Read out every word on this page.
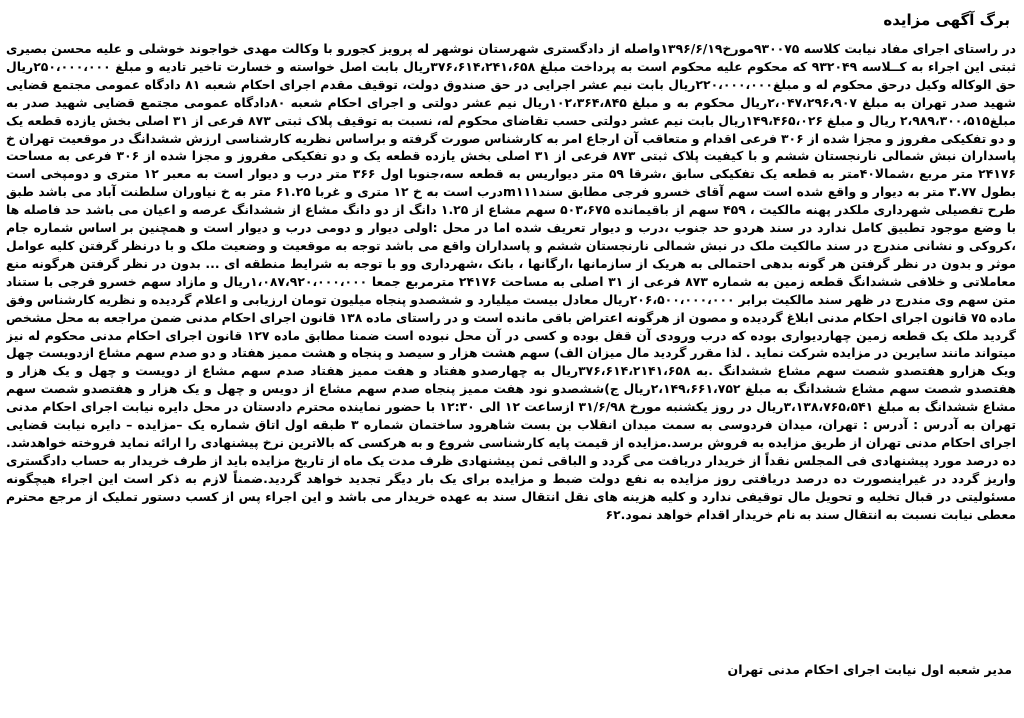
برگ آگهی مزایده
در راستای اجرای مفاد نیابت کلاسه ۹۳۰۰۷۵مورخ۱۳۹۶/۶/۱۹واصله از دادگستری شهرستان نوشهر له پرویز کجورو با وکالت مهدی خواجوند خوشلی و علیه محسن بصیری ثبتی این اجراء به کــلاسه ۹۳۲۰۴۹ که محکوم علیه محکوم است به پرداخت مبلغ ۳۷۶،۶۱۴،۲۴۱،۶۵۸ریال بابت اصل خواسته و خسارت تاخیر تادیه و مبلغ ۲۵۰،۰۰۰،۰۰۰ریال حق الوکاله وکیل درحق محکوم له و مبلغ۲۲۰،۰۰۰،۰۰۰ریال بابت نیم عشر اجرایی در حق صندوق دولت، توقیف مقدم اجرای احکام شعبه ۸۱ دادگاه عمومی مجتمع قضایی شهید صدر تهران به مبلغ ۲،۰۴۷،۲۹۶،۹۰۷ریال محکوم به و مبلغ ۱۰۲،۳۶۴،۸۴۵ریال نیم عشر دولتی و اجرای احکام شعبه ۸۰دادگاه عمومی مجتمع قضایی شهید صدر به مبلغ۲،۹۸۹،۳۰۰،۵۱۵ ریال و مبلغ ۱۴۹،۴۶۵،۰۲۶ریال بابت نیم عشر دولتی حسب تقاضای محکوم له، نسبت به توقیف پلاک ثبتی ۸۷۳ فرعی از ۳۱ اصلی بخش یازده قطعه یک و دو تفکیکی مفروز و مجزا شده از ۳۰۶ فرعی اقدام و متعاقب آن ارجاع امر به کارشناس صورت گرفته و براساس نظریه کارشناسی ارزش ششدانگ در موقعیت تهران خ پاسداران نبش شمالی نارنجستان ششم و با کیفیت پلاک ثبتی ۸۷۳ فرعی از ۳۱ اصلی بخش یازده قطعه یک و دو تفکیکی مفروز و مجزا شده از ۳۰۶ فرعی به مساحت ۲۴۱۷۶ متر مربع ،شمالا۴۰متر به قطعه یک تفکیکی سابق ،شرقا ۵۹ متر دیواریس به قطعه سه،جنوبا اول ۳۶۶ متر درب و دیوار است به معبر ۱۲ متری و دومپخی است بطول ۳.۷۷ متر به دیوار و واقع شده است سهم آقای خسرو فرجی مطابق سندm۱۱۱درب است به خ ۱۲ متری و غربا ۶۱.۲۵ متر به خ نیاوران سلطنت آباد می باشد طبق طرح تفصیلی شهرداری ملکدر پهنه مالکیت ، ۴۵۹ سهم از باقیمانده ۵۰۳،۶۷۵ سهم مشاع از ۱.۲۵ دانگ از دو دانگ مشاع از ششدانگ عرصه و اعیان می باشد حد فاصله ها با وضع موجود تطبیق کامل ندارد در سند هردو حد جنوب ،درب و دیوار تعریف شده اما در محل :اولی دیوار و دومی درب و دیوار است و همچنین بر اساس شماره جام ،کروکی و نشانی مندرج در سند مالکیت ملک در نبش شمالی نارنجستان ششم و پاسداران واقع می باشد توجه به موقعیت و وضعیت ملک و با درنظر گرفتن کلیه عوامل موثر و بدون در نظر گرفتن هر گونه بدهی احتمالی به هریک از سازمانها ،ارگانها ، بانک ،شهرداری وو با توجه به شرایط منطقه ای ... بدون در نظر گرفتن هرگونه منع معاملاتی و خلافی ششدانگ قطعه زمین به شماره ۸۷۳ فرعی از ۳۱ اصلی به مساحت ۲۴۱۷۶ مترمربع جمعا ۱،۰۸۷،۹۲۰،۰۰۰،۰۰۰ریال و مازاد سهم خسرو فرجی با ستناد متن سهم وی مندرج در ظهر سند مالکیت برابر ۲۰۶،۵۰۰،۰۰۰،۰۰۰ریال معادل بیست میلیارد و ششصدو پنجاه میلیون تومان ارزیابی و اعلام گردیده و نظریه کارشناس وفق ماده ۷۵ قانون اجرای احکام مدنی ابلاغ گردیده و مصون از هرگونه اعتراض باقی مانده است و در راستای ماده ۱۳۸ قانون اجرای احکام مدنی ضمن مراجعه به محل مشخص گردید ملک یک قطعه زمین چهاردیواری بوده که درب ورودی آن قفل بوده و کسی در آن محل نبوده است ضمنا مطابق ماده ۱۲۷ قانون اجرای احکام مدنی محکوم له نیز میتواند مانند سایرین در مزایده شرکت نماید . لذا مقرر گردید مال میزان الف) سهم هشت هزار و سیصد و پنجاه و هشت ممیز هفتاد و دو صدم سهم مشاع ازدویست چهل ویک هزارو هفتصدو شصت سهم مشاع ششدانگ .به ۳۷۶،۶۱۴،۲۱۴۱،۶۵۸ریال به چهارصدو هفتاد و هفت ممیز هفتاد صدم سهم مشاع از دویست و چهل و یک هزار و هفتصدو شصت سهم مشاع ششدانگ به مبلغ ۲،۱۴۹،۶۶۱،۷۵۲ریال ج)ششصدو نود هفت ممیز پنجاه صدم سهم مشاع از دویس و چهل و یک هزار و هفتصدو شصت سهم مشاع ششدانگ به مبلغ ۳،۱۳۸،۷۶۵،۵۴۱ریال در روز یکشنبه مورخ ۳۱/۶/۹۸ ازساعت ۱۲ الی ۱۲:۳۰ با حضور نماینده محترم دادستان در محل دایره نیابت اجرای احکام مدنی تهران به آدرس : آدرس : تهران، میدان فردوسی به سمت میدان انقلاب بن بست شاهرود ساختمان شماره ۳ طبقه اول اتاق شماره یک –مزایده – دایره نیابت قضایی اجرای احکام مدنی تهران از طریق مزایده به فروش برسد.مزایده از قیمت پایه کارشناسی شروع و به هرکسی که بالاترین نرخ پیشنهادی را ارائه نماید فروخته خواهدشد. ده درصد مورد پیشنهادی فی المجلس نقداً از خریدار دریافت می گردد و الباقی ثمن پیشنهادی ظرف مدت یک ماه از تاریخ مزایده باید از طرف خریدار به حساب دادگستری واریز گردد در غیراینصورت ده درصد دریافتی روز مزایده به نفع دولت ضبط و مزایده برای یک بار دیگر تجدید خواهد گردید.ضمناً لازم به ذکر است این اجراء هیچگونه مسئولیتی در قبال تخلیه و تحویل مال توقیفی ندارد و کلیه هزینه های نقل انتقال سند به عهده خریدار می باشد و این اجراء پس از کسب دستور تملیک از مرجع محترم معطی نیابت نسبت به انتقال سند به نام خریدار اقدام خواهد نمود.۶۲
مدیر شعبه اول نیابت اجرای احکام مدنی تهران
